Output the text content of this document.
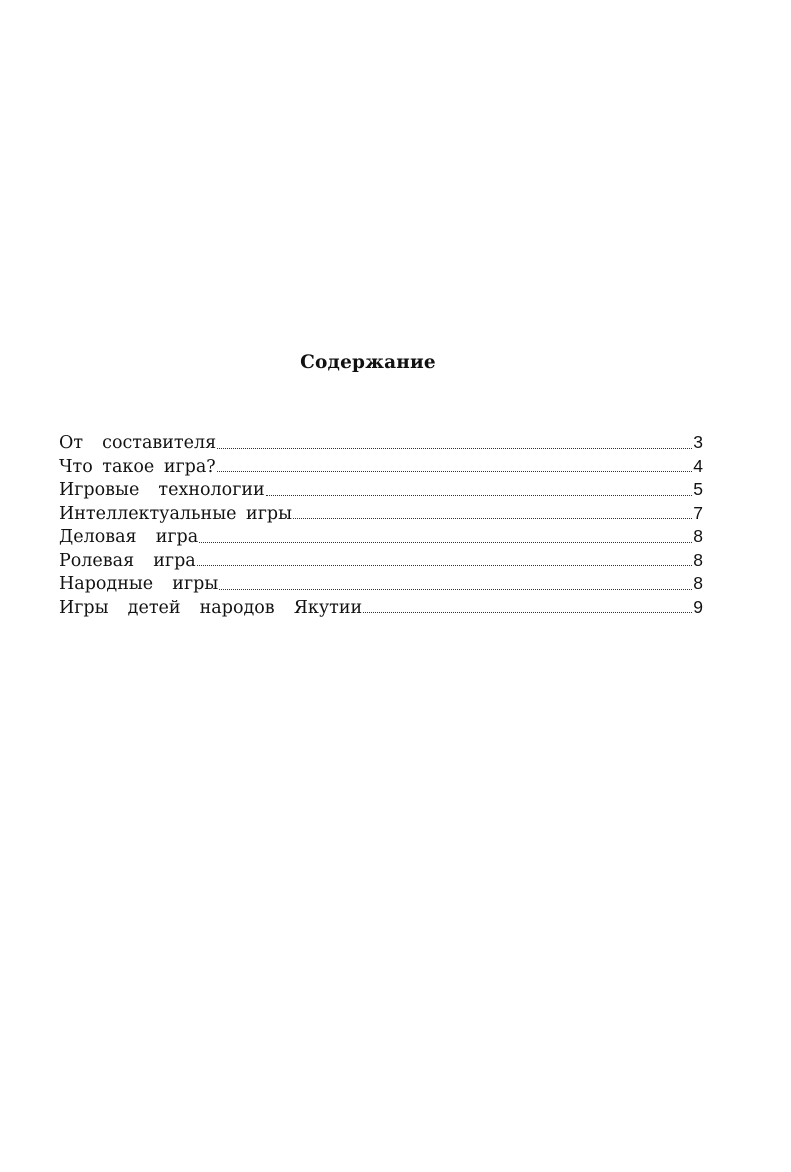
Содержание
От  составителя	3
Что такое игра?	4
Игровые  технологии	5
Интеллектуальные игры	7
Деловая  игра	8
Ролевая  игра	8
Народные  игры	8
Игры  детей  народов  Якутии	9
